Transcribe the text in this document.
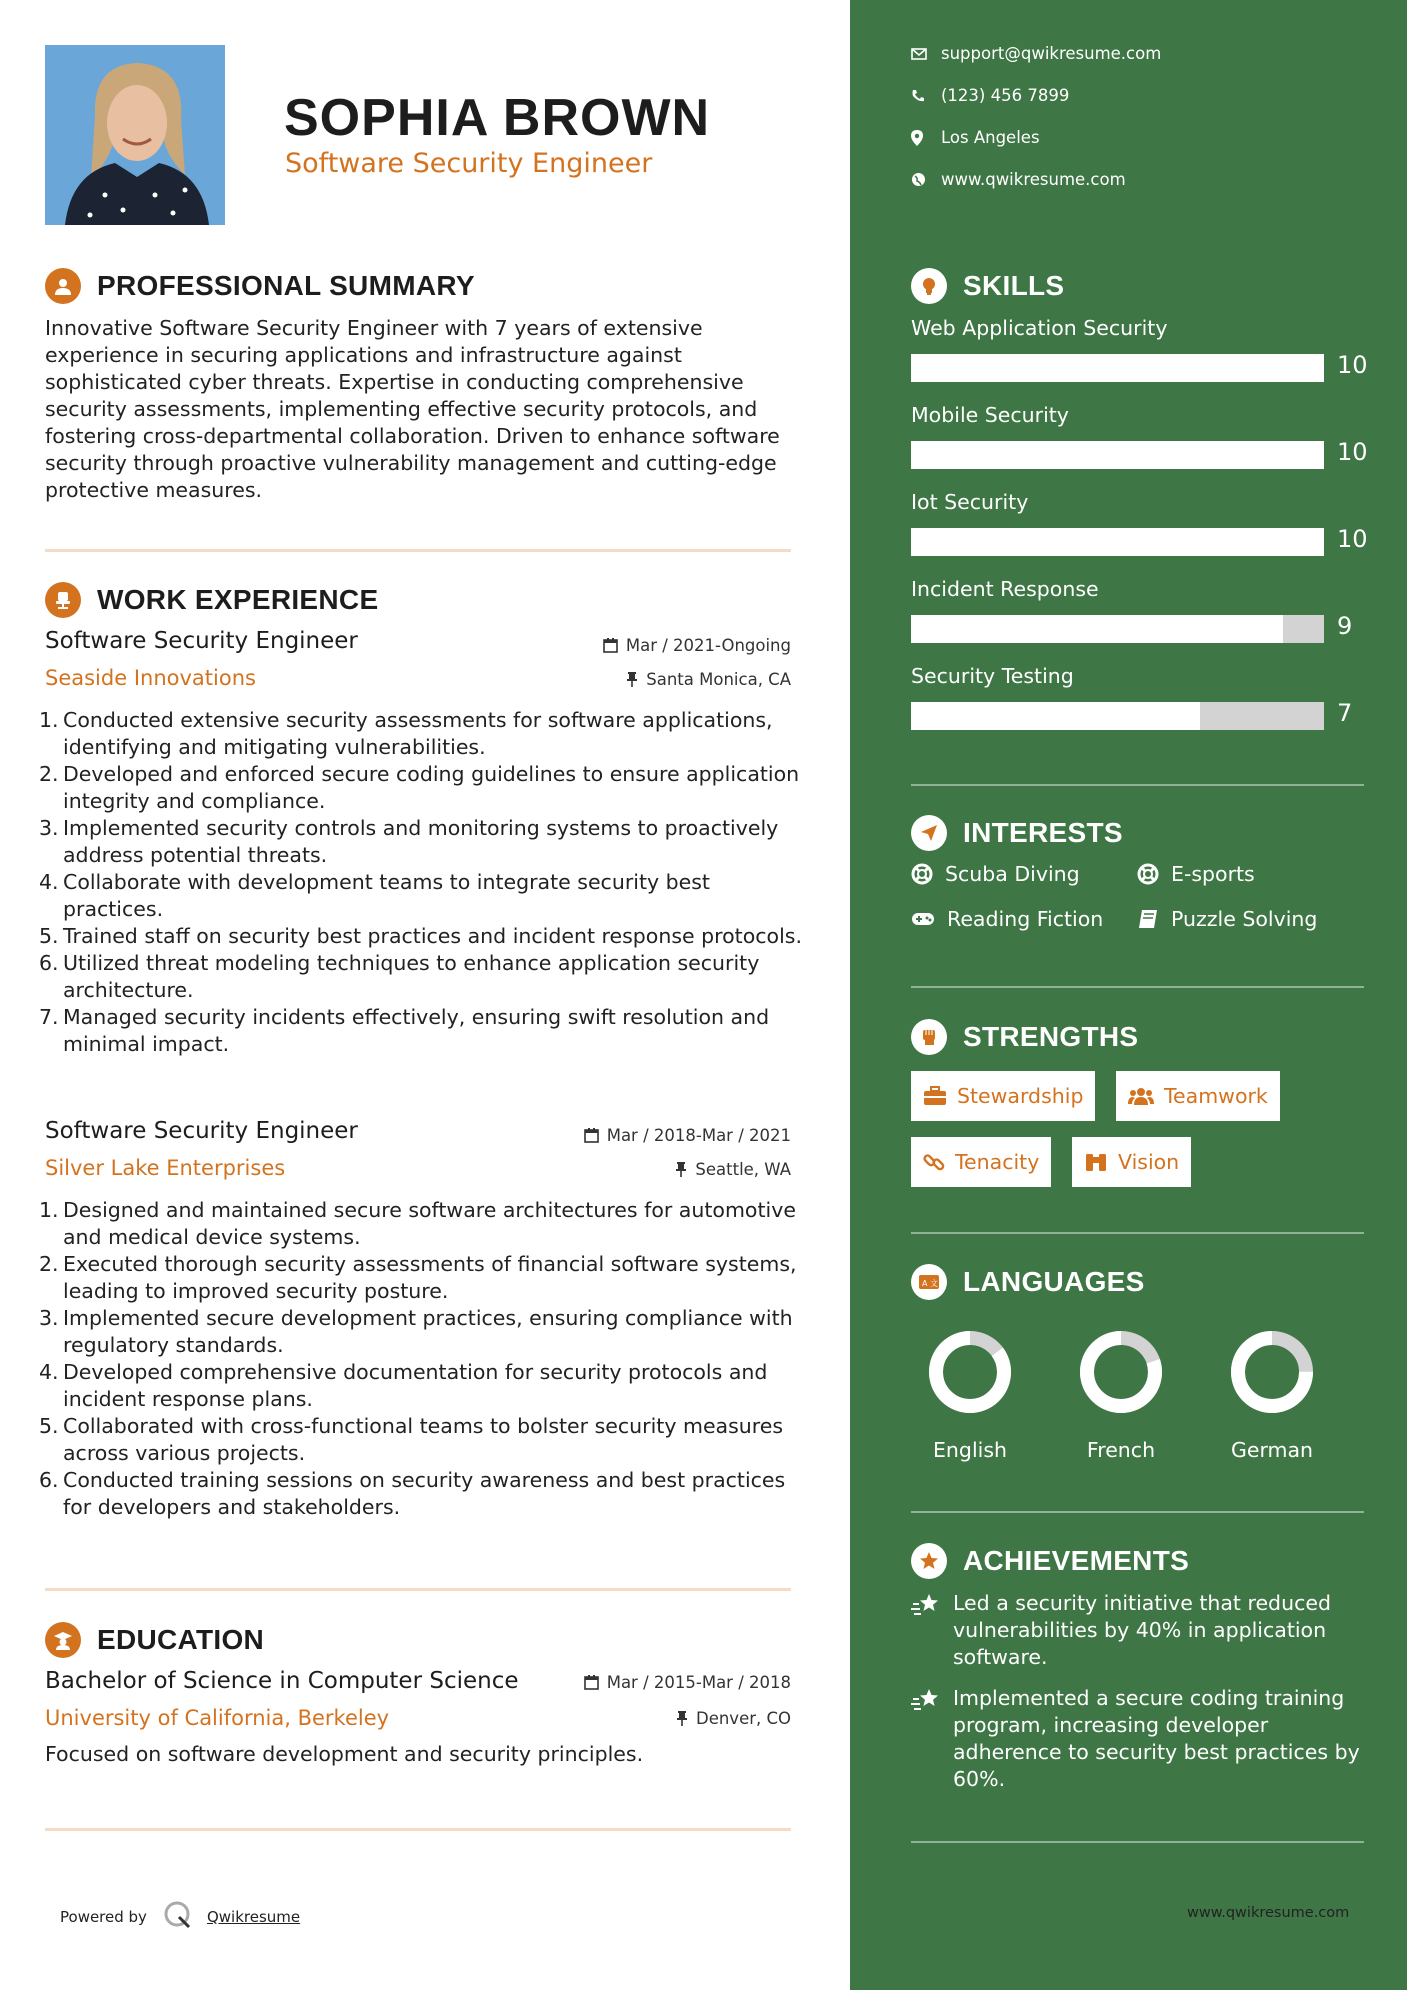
SOPHIA BROWN
Software Security Engineer
PROFESSIONAL SUMMARY
Innovative Software Security Engineer with 7 years of extensive experience in securing applications and infrastructure against sophisticated cyber threats. Expertise in conducting comprehensive security assessments, implementing effective security protocols, and fostering cross-departmental collaboration. Driven to enhance software security through proactive vulnerability management and cutting-edge protective measures.
WORK EXPERIENCE
Software Security Engineer	Mar / 2021-Ongoing
Seaside Innovations	Santa Monica, CA
1. Conducted extensive security assessments for software applications, identifying and mitigating vulnerabilities.
2. Developed and enforced secure coding guidelines to ensure application integrity and compliance.
3. Implemented security controls and monitoring systems to proactively address potential threats.
4. Collaborate with development teams to integrate security best practices.
5. Trained staff on security best practices and incident response protocols.
6. Utilized threat modeling techniques to enhance application security architecture.
7. Managed security incidents effectively, ensuring swift resolution and minimal impact.
Software Security Engineer	Mar / 2018-Mar / 2021
Silver Lake Enterprises	Seattle, WA
1. Designed and maintained secure software architectures for automotive and medical device systems.
2. Executed thorough security assessments of financial software systems, leading to improved security posture.
3. Implemented secure development practices, ensuring compliance with regulatory standards.
4. Developed comprehensive documentation for security protocols and incident response plans.
5. Collaborated with cross-functional teams to bolster security measures across various projects.
6. Conducted training sessions on security awareness and best practices for developers and stakeholders.
EDUCATION
Bachelor of Science in Computer Science	Mar / 2015-Mar / 2018
University of California, Berkeley	Denver, CO
Focused on software development and security principles.
Powered by	Qwikresume
support@qwikresume.com
(123) 456 7899
Los Angeles
www.qwikresume.com
SKILLS
Web Application Security
10
Mobile Security
10
Iot Security
10
Incident Response
9
Security Testing
7
INTERESTS
Scuba Diving	E-sports
Reading Fiction	Puzzle Solving
STRENGTHS
Stewardship	Teamwork
Tenacity	Vision
A 文 LANGUAGES
English	French	German
ACHIEVEMENTS
Led a security initiative that reduced vulnerabilities by 40% in application software.
Implemented a secure coding training program, increasing developer adherence to security best practices by 60%.
www.qwikresume.com
